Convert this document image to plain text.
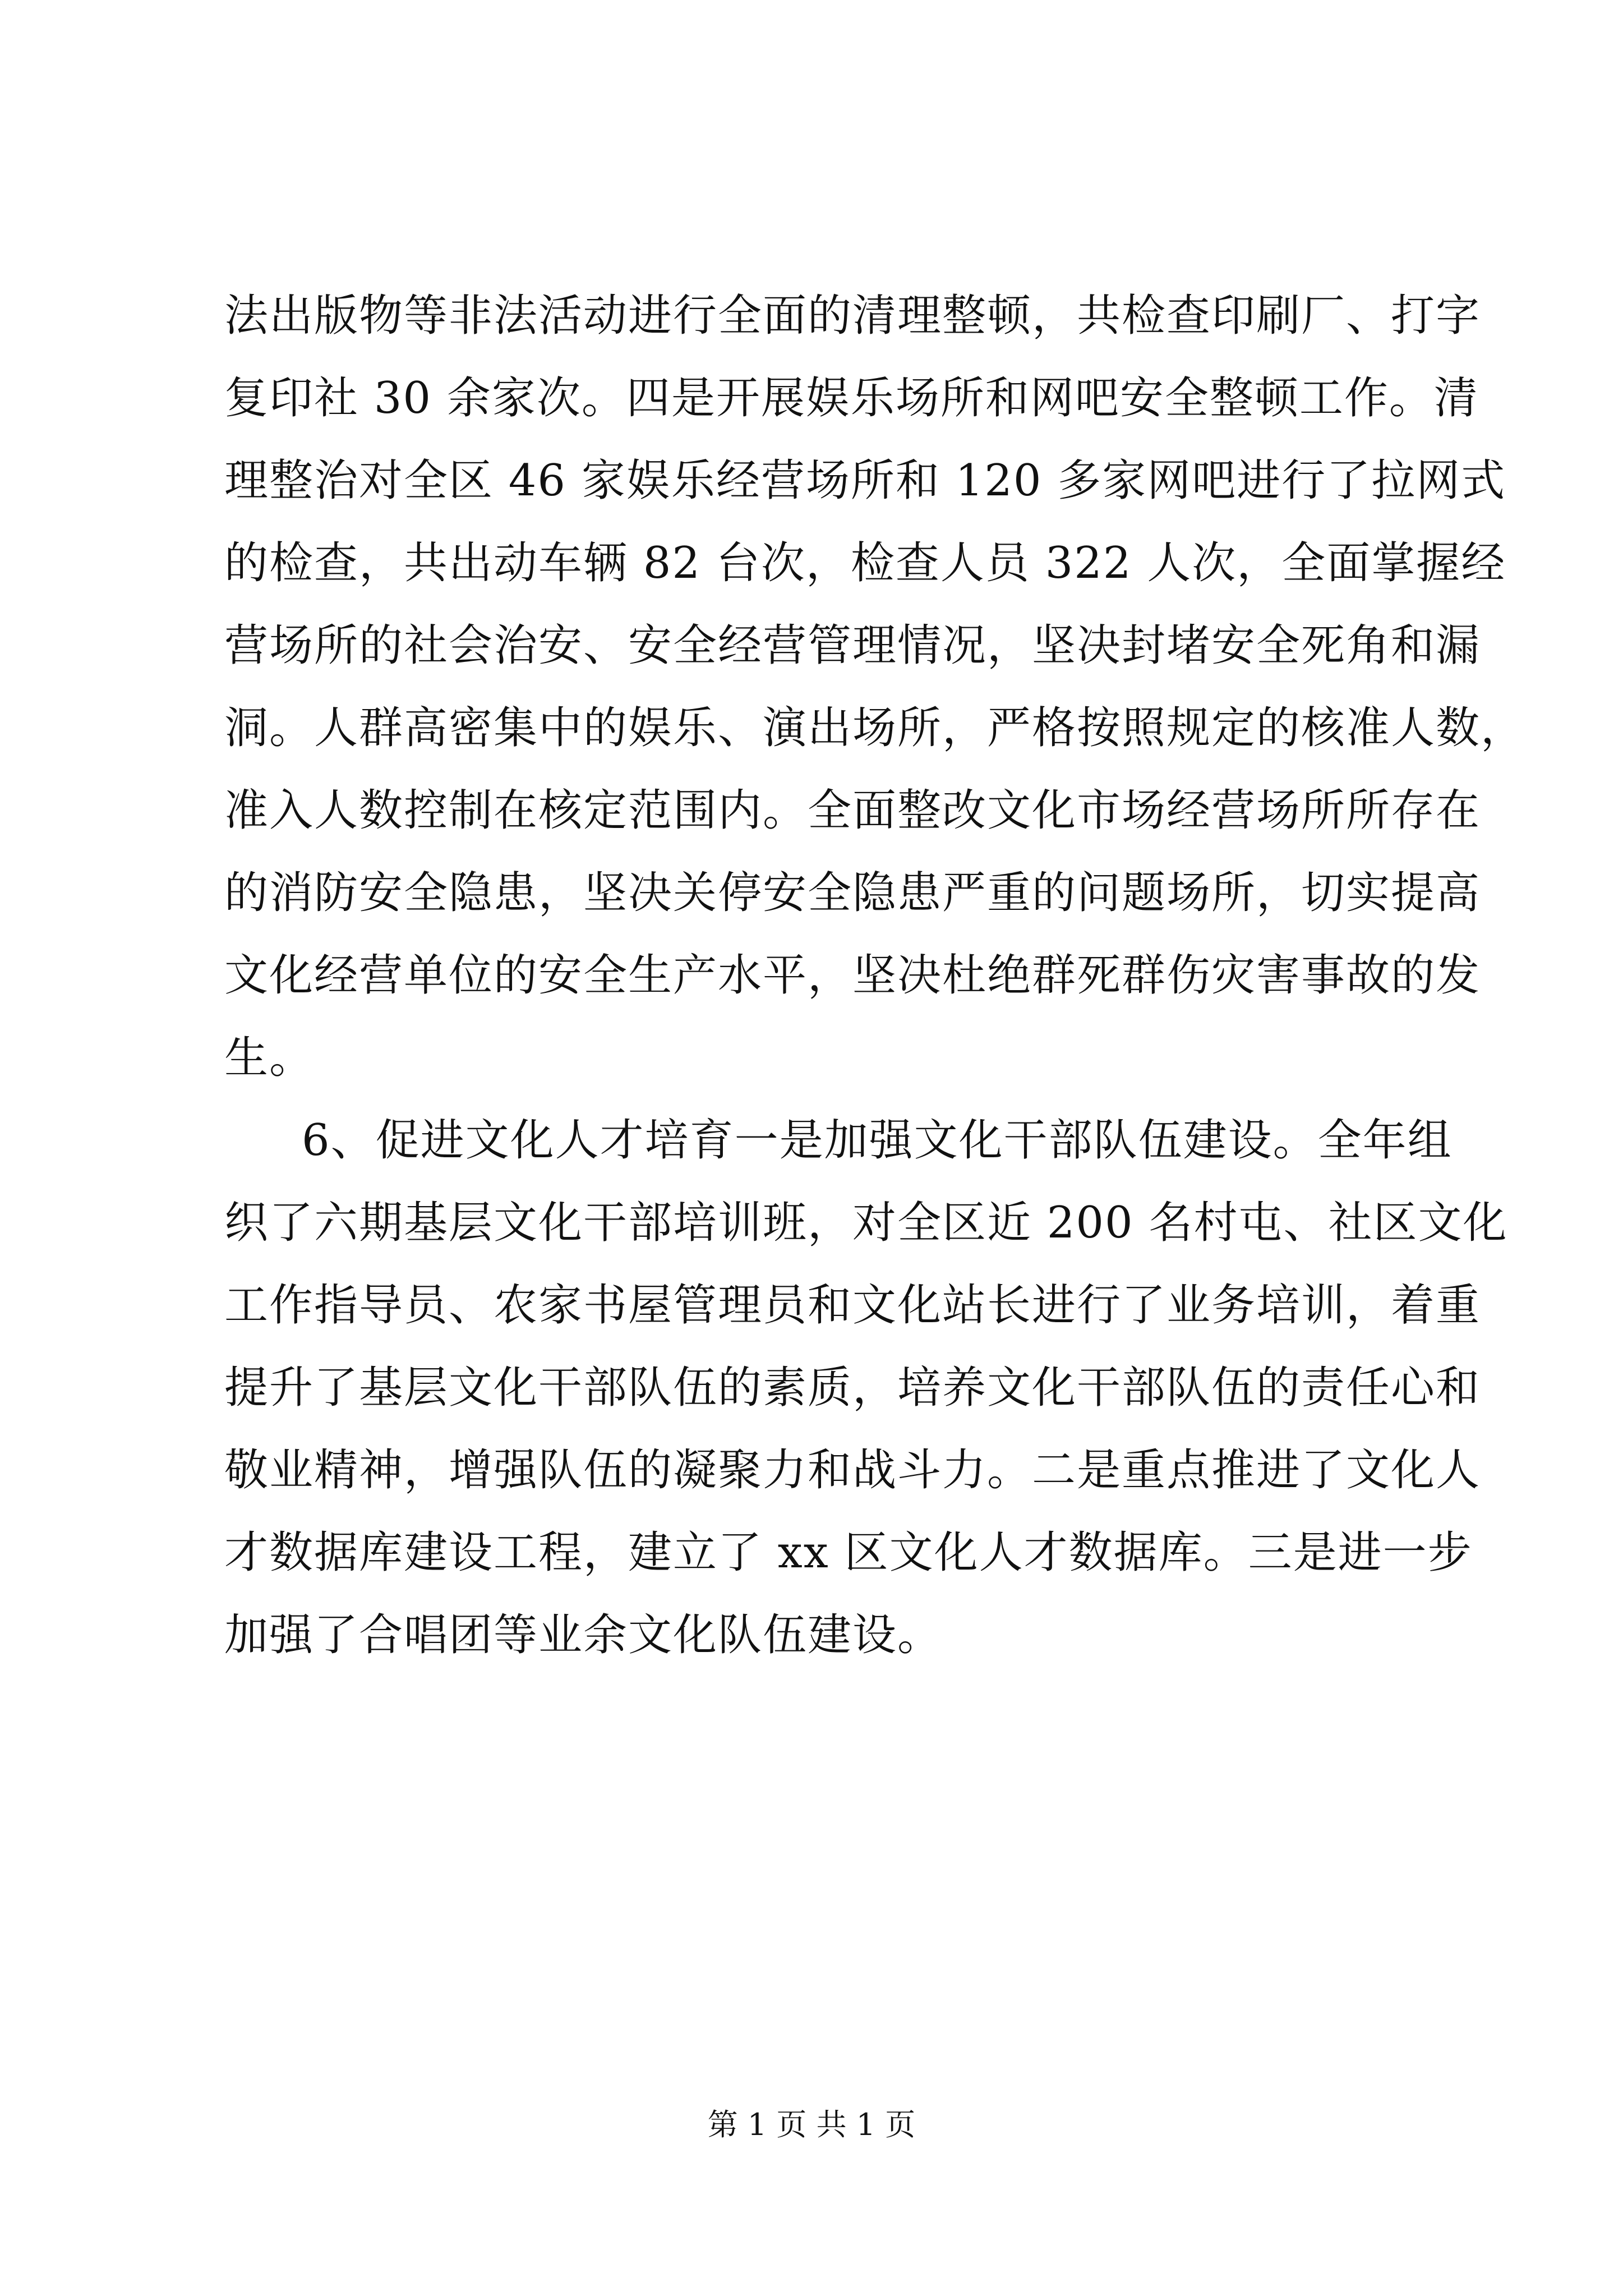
法出版物等非法活动进行全面的清理整顿，共检查印刷厂、打字
复印社 30 余家次。四是开展娱乐场所和网吧安全整顿工作。清
理整治对全区 46 家娱乐经营场所和 120 多家网吧进行了拉网式
的检查，共出动车辆 82 台次，检查人员 322 人次，全面掌握经
营场所的社会治安、安全经营管理情况，坚决封堵安全死角和漏
洞。人群高密集中的娱乐、演出场所，严格按照规定的核准人数，
准入人数控制在核定范围内。全面整改文化市场经营场所所存在
的消防安全隐患，坚决关停安全隐患严重的问题场所，切实提高
文化经营单位的安全生产水平，坚决杜绝群死群伤灾害事故的发
生。
6、促进文化人才培育一是加强文化干部队伍建设。全年组
织了六期基层文化干部培训班，对全区近 200 名村屯、社区文化
工作指导员、农家书屋管理员和文化站长进行了业务培训，着重
提升了基层文化干部队伍的素质，培养文化干部队伍的责任心和
敬业精神，增强队伍的凝聚力和战斗力。二是重点推进了文化人
才数据库建设工程，建立了 xx 区文化人才数据库。三是进一步
加强了合唱团等业余文化队伍建设。
第 1 页 共 1 页
